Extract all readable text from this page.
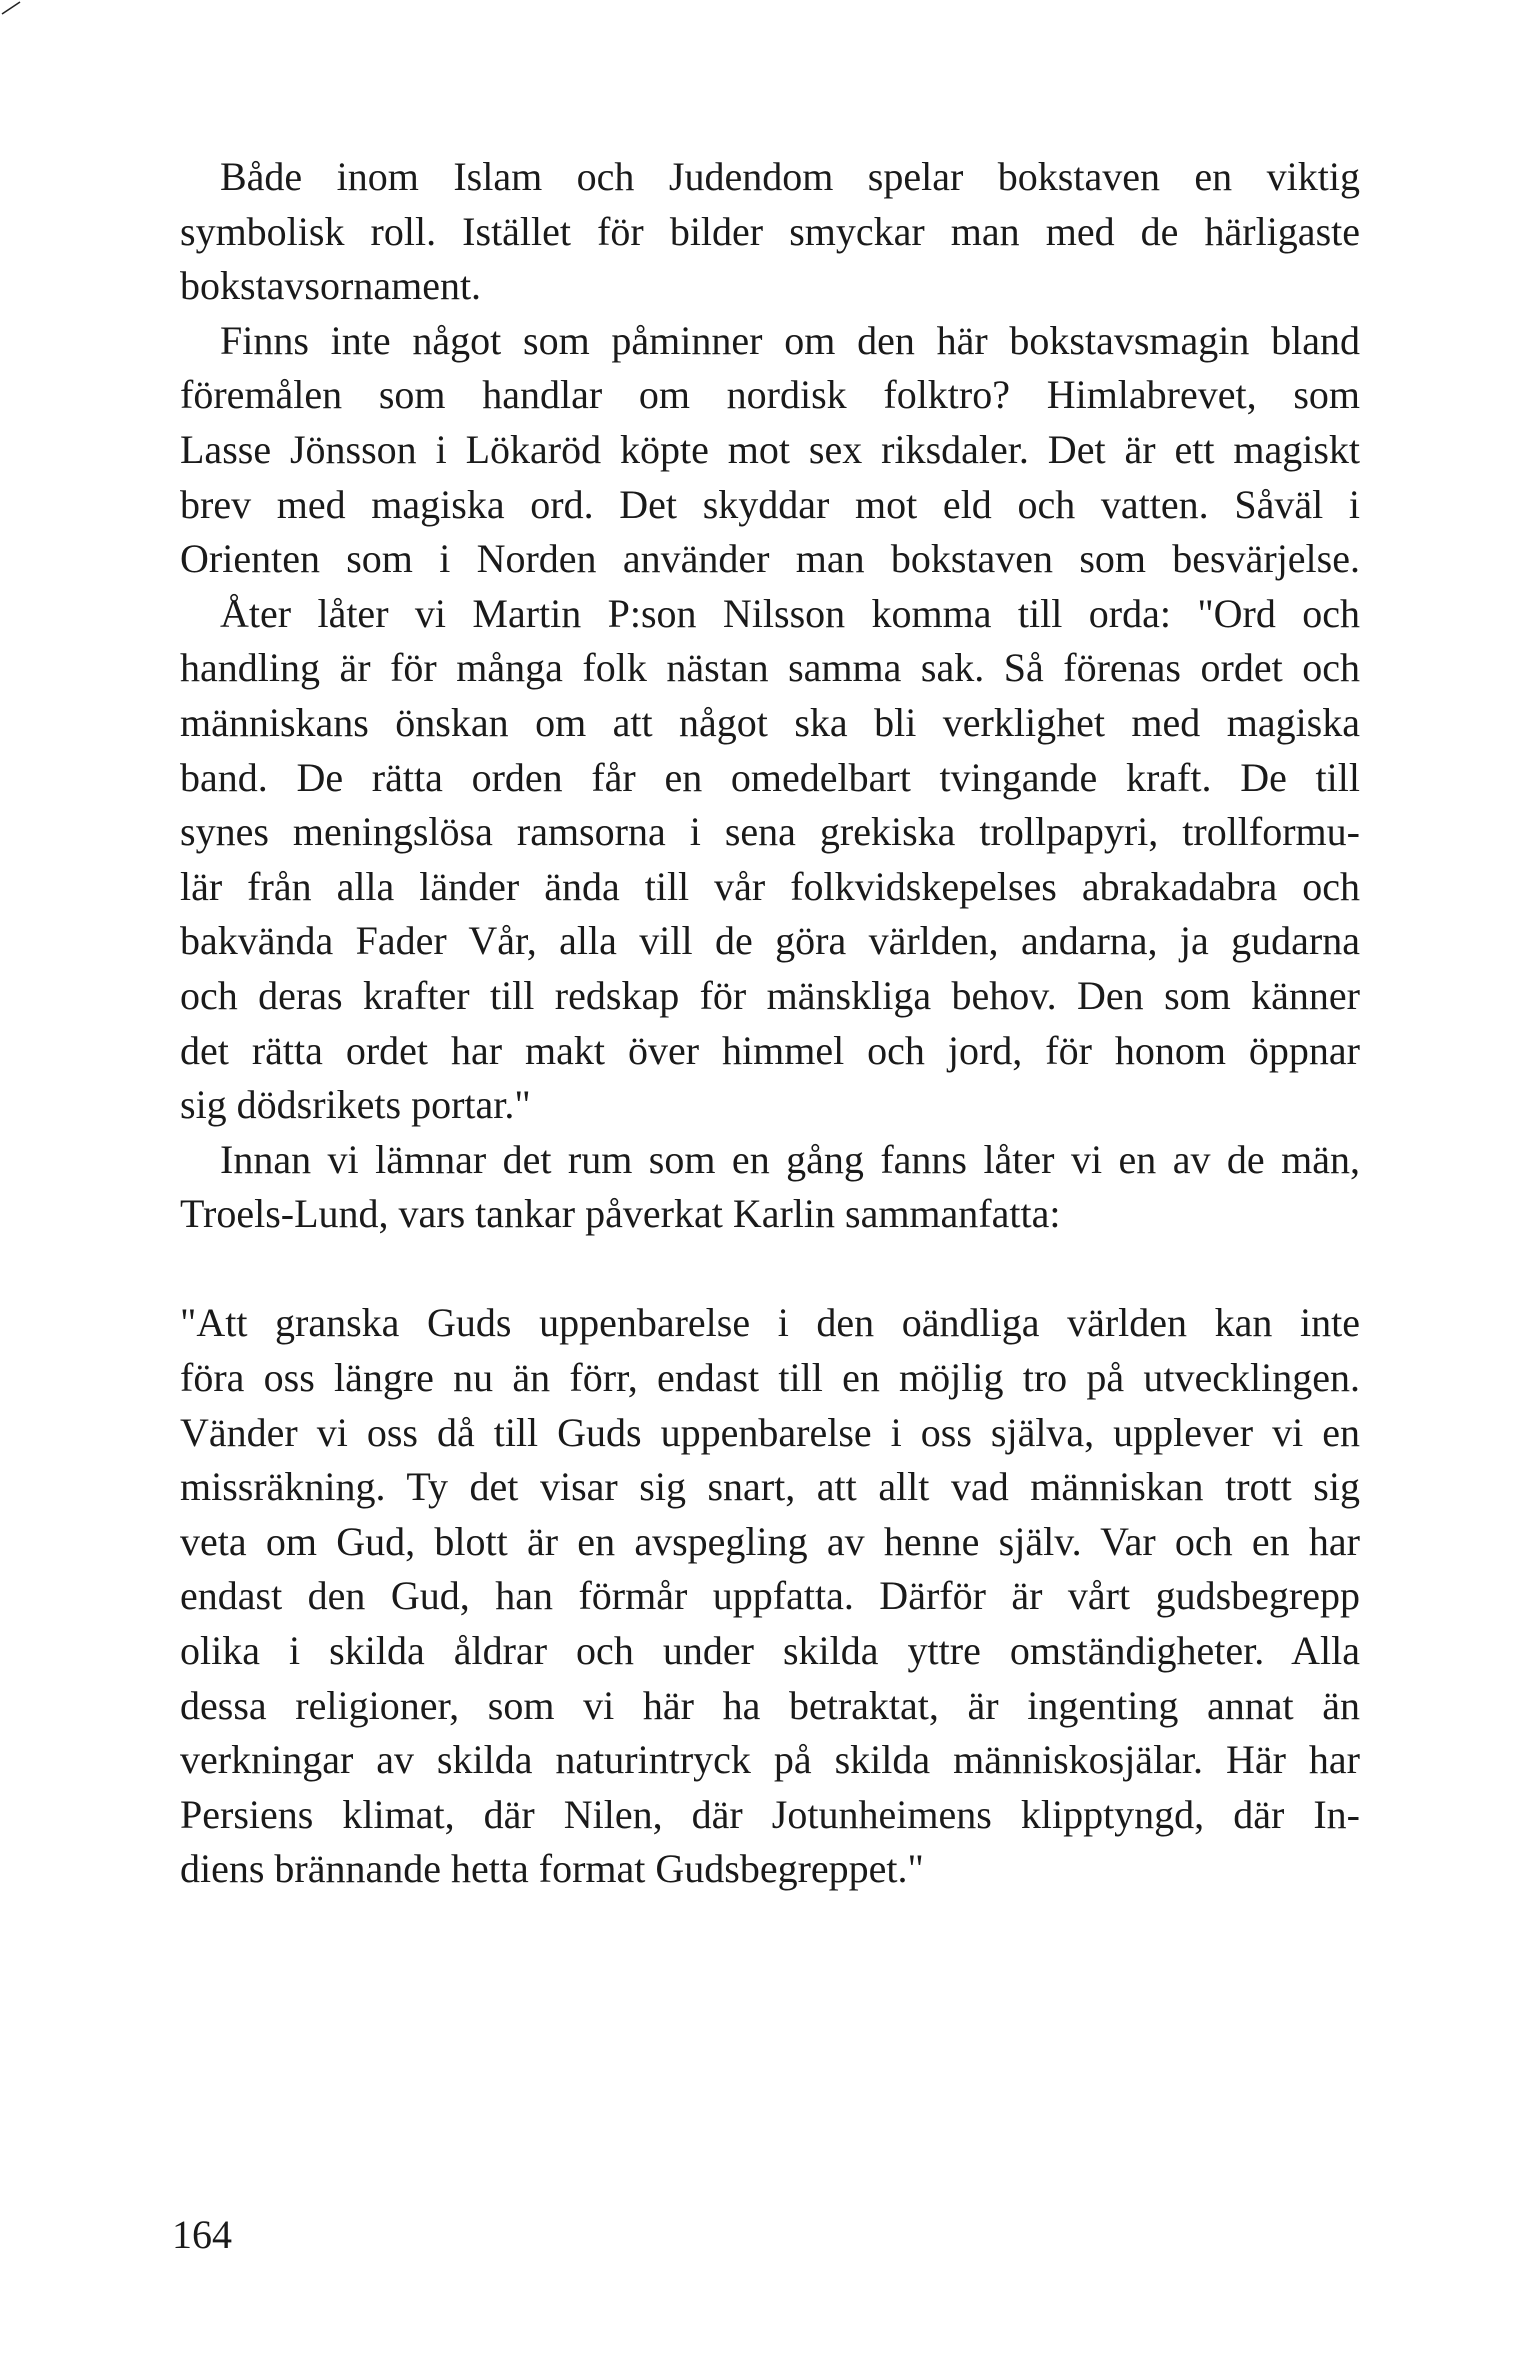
Både inom Islam och Judendom spelar bokstaven en viktig
symbolisk roll. Istället för bilder smyckar man med de härligaste
bokstavsornament.
Finns inte något som påminner om den här bokstavsmagin bland
föremålen som handlar om nordisk folktro? Himlabrevet, som
Lasse Jönsson i Lökaröd köpte mot sex riksdaler. Det är ett magiskt
brev med magiska ord. Det skyddar mot eld och vatten. Såväl i
Orienten som i Norden använder man bokstaven som besvärjelse.
Åter låter vi Martin P:son Nilsson komma till orda: "Ord och
handling är för många folk nästan samma sak. Så förenas ordet och
människans önskan om att något ska bli verklighet med magiska
band. De rätta orden får en omedelbart tvingande kraft. De till
synes meningslösa ramsorna i sena grekiska trollpapyri, trollformu-
lär från alla länder ända till vår folkvidskepelses abrakadabra och
bakvända Fader Vår, alla vill de göra världen, andarna, ja gudarna
och deras krafter till redskap för mänskliga behov. Den som känner
det rätta ordet har makt över himmel och jord, för honom öppnar
sig dödsrikets portar."
Innan vi lämnar det rum som en gång fanns låter vi en av de män,
Troels-Lund, vars tankar påverkat Karlin sammanfatta:
"Att granska Guds uppenbarelse i den oändliga världen kan inte
föra oss längre nu än förr, endast till en möjlig tro på utvecklingen.
Vänder vi oss då till Guds uppenbarelse i oss själva, upplever vi en
missräkning. Ty det visar sig snart, att allt vad människan trott sig
veta om Gud, blott är en avspegling av henne själv. Var och en har
endast den Gud, han förmår uppfatta. Därför är vårt gudsbegrepp
olika i skilda åldrar och under skilda yttre omständigheter. Alla
dessa religioner, som vi här ha betraktat, är ingenting annat än
verkningar av skilda naturintryck på skilda människosjälar. Här har
Persiens klimat, där Nilen, där Jotunheimens klipptyngd, där In-
diens brännande hetta format Gudsbegreppet."
164
